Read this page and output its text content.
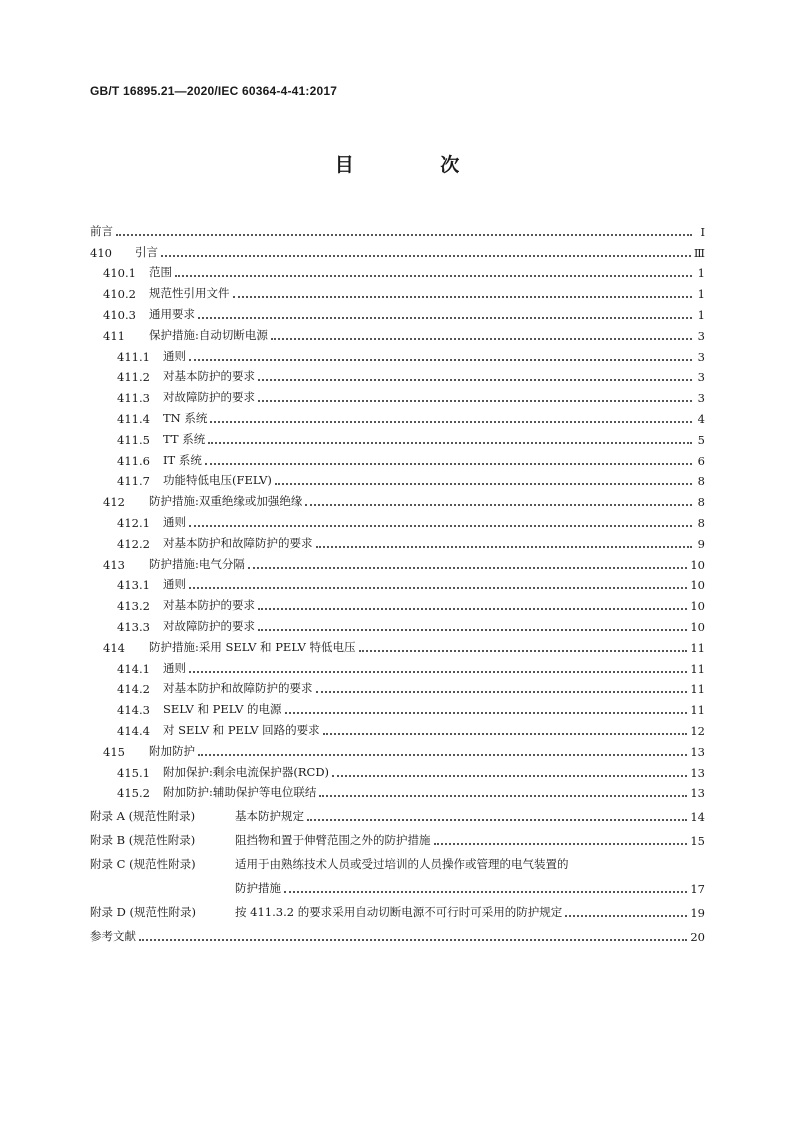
GB/T 16895.21—2020/IEC 60364-4-41:2017
目 次
前言	Ⅰ
410	引言	Ⅲ
410.1	范围	1
410.2	规范性引用文件	1
410.3	通用要求	1
411	保护措施:自动切断电源	3
411.1	通则	3
411.2	对基本防护的要求	3
411.3	对故障防护的要求	3
411.4	TN 系统	4
411.5	TT 系统	5
411.6	IT 系统	6
411.7	功能特低电压(FELV)	8
412	防护措施:双重绝缘或加强绝缘	8
412.1	通则	8
412.2	对基本防护和故障防护的要求	9
413	防护措施:电气分隔	10
413.1	通则	10
413.2	对基本防护的要求	10
413.3	对故障防护的要求	10
414	防护措施:采用 SELV 和 PELV 特低电压	11
414.1	通则	11
414.2	对基本防护和故障防护的要求	11
414.3	SELV 和 PELV 的电源	11
414.4	对 SELV 和 PELV 回路的要求	12
415	附加防护	13
415.1	附加保护:剩余电流保护器(RCD)	13
415.2	附加防护:辅助保护等电位联结	13
附录 A (规范性附录)	基本防护规定	14
附录 B (规范性附录)	阻挡物和置于伸臂范围之外的防护措施	15
附录 C (规范性附录)	适用于由熟练技术人员或受过培训的人员操作或管理的电气装置的
防护措施	17
附录 D (规范性附录)	按 411.3.2 的要求采用自动切断电源不可行时可采用的防护规定	19
参考文献	20
